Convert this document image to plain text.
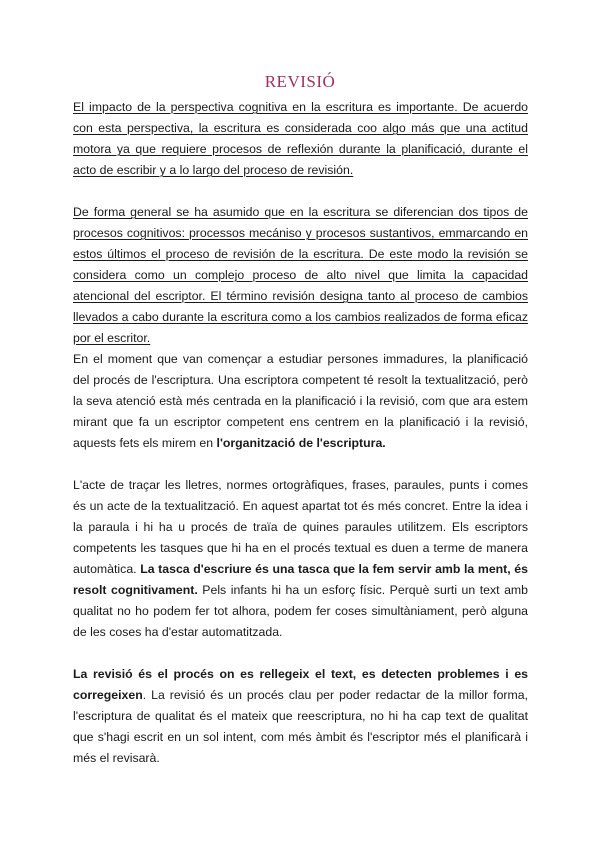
REVISIÓ

El impacto de la perspectiva cognitiva en la escritura es importante. De acuerdo con esta perspectiva, la escritura es considerada coo algo más que una actitud motora ya que requiere procesos de reflexión durante la planificació, durante el acto de escribir y a lo largo del proceso de revisión.

De forma general se ha asumido que en la escritura se diferencian dos tipos de procesos cognitivos: processos mecániso y procesos sustantivos, emmarcando en estos últimos el proceso de revisión de la escritura. De este modo la revisión se considera como un complejo proceso de alto nivel que limita la capacidad atencional del escriptor. El término revisión designa tanto al proceso de cambios llevados a cabo durante la escritura como a los cambios realizados de forma eficaz por el escritor.

En el moment que van començar a estudiar persones immadures, la planificació del procés de l'escriptura. Una escriptora competent té resolt la textualització, però la seva atenció està més centrada en la planificació i la revisió, com que ara estem mirant que fa un escriptor competent ens centrem en la planificació i la revisió, aquests fets els mirem en l'organització de l'escriptura.

L'acte de traçar les lletres, normes ortogràfiques, frases, paraules, punts i comes és un acte de la textualització. En aquest apartat tot és més concret. Entre la idea i la paraula i hi ha u procés de traïa de quines paraules utilitzem. Els escriptors competents les tasques que hi ha en el procés textual es duen a terme de manera automàtica. La tasca d'escriure és una tasca que la fem servir amb la ment, és resolt cognitivament. Pels infants hi ha un esforç físic. Perquè surti un text amb qualitat no ho podem fer tot alhora, podem fer coses simultàniament, però alguna de les coses ha d'estar automatitzada.

La revisió és el procés on es rellegeix el text, es detecten problemes i es corregeixen. La revisió és un procés clau per poder redactar de la millor forma, l'escriptura de qualitat és el mateix que reescriptura, no hi ha cap text de qualitat que s'hagi escrit en un sol intent, com més àmbit és l'escriptor més el planificarà i més el revisarà.
